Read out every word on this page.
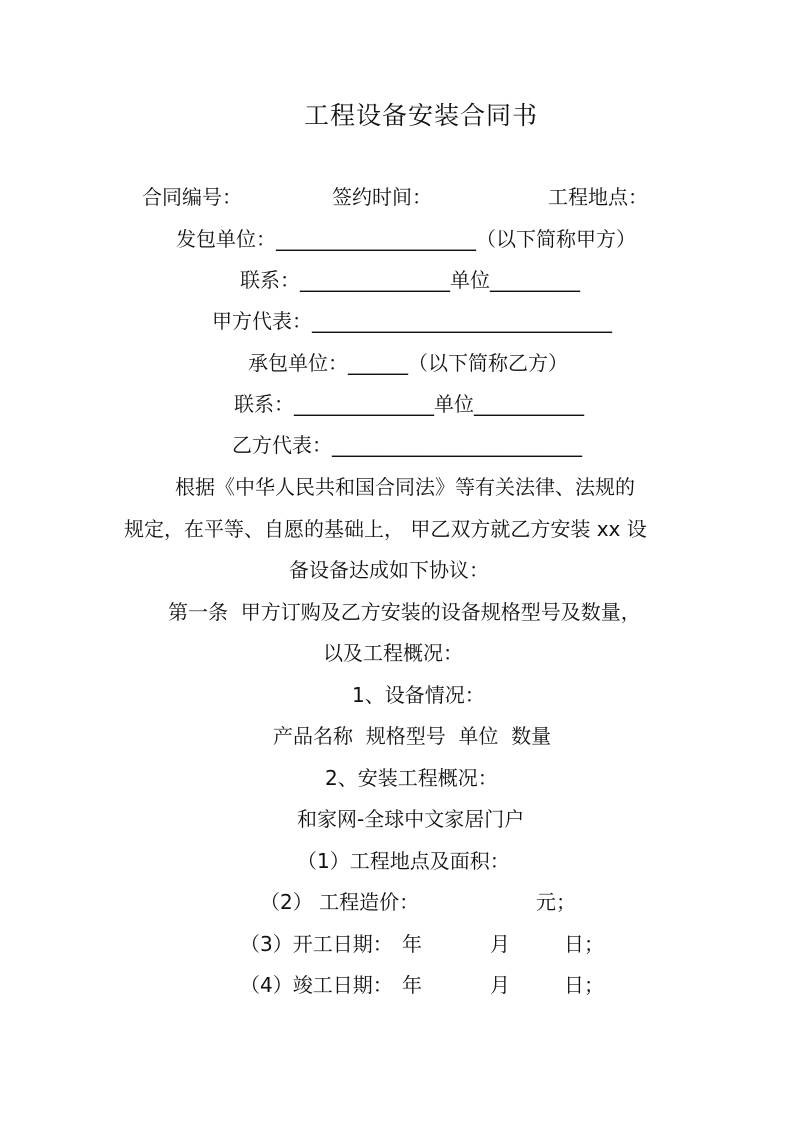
工程设备安装合同书
合同编号：	签约时间：	工程地点：
发包单位：____________________（以下简称甲方）
联系：_______________单位_________
甲方代表：______________________________
承包单位：______（以下简称乙方）
联系：______________单位___________
乙方代表：_________________________
根据《中华人民共和国合同法》等有关法律、法规的
规定，在平等、自愿的基础上， 甲乙双方就乙方安装 xx 设
备设备达成如下协议：
第一条  甲方订购及乙方安装的设备规格型号及数量，
以及工程概况：
1、设备情况：
产品名称  规格型号  单位  数量
2、安装工程概况：
和家网-全球中文家居门户
（1）工程地点及面积：
（2） 工程造价：	元；
（3）开工日期： 年	月	日；
（4）竣工日期： 年	月	日；
